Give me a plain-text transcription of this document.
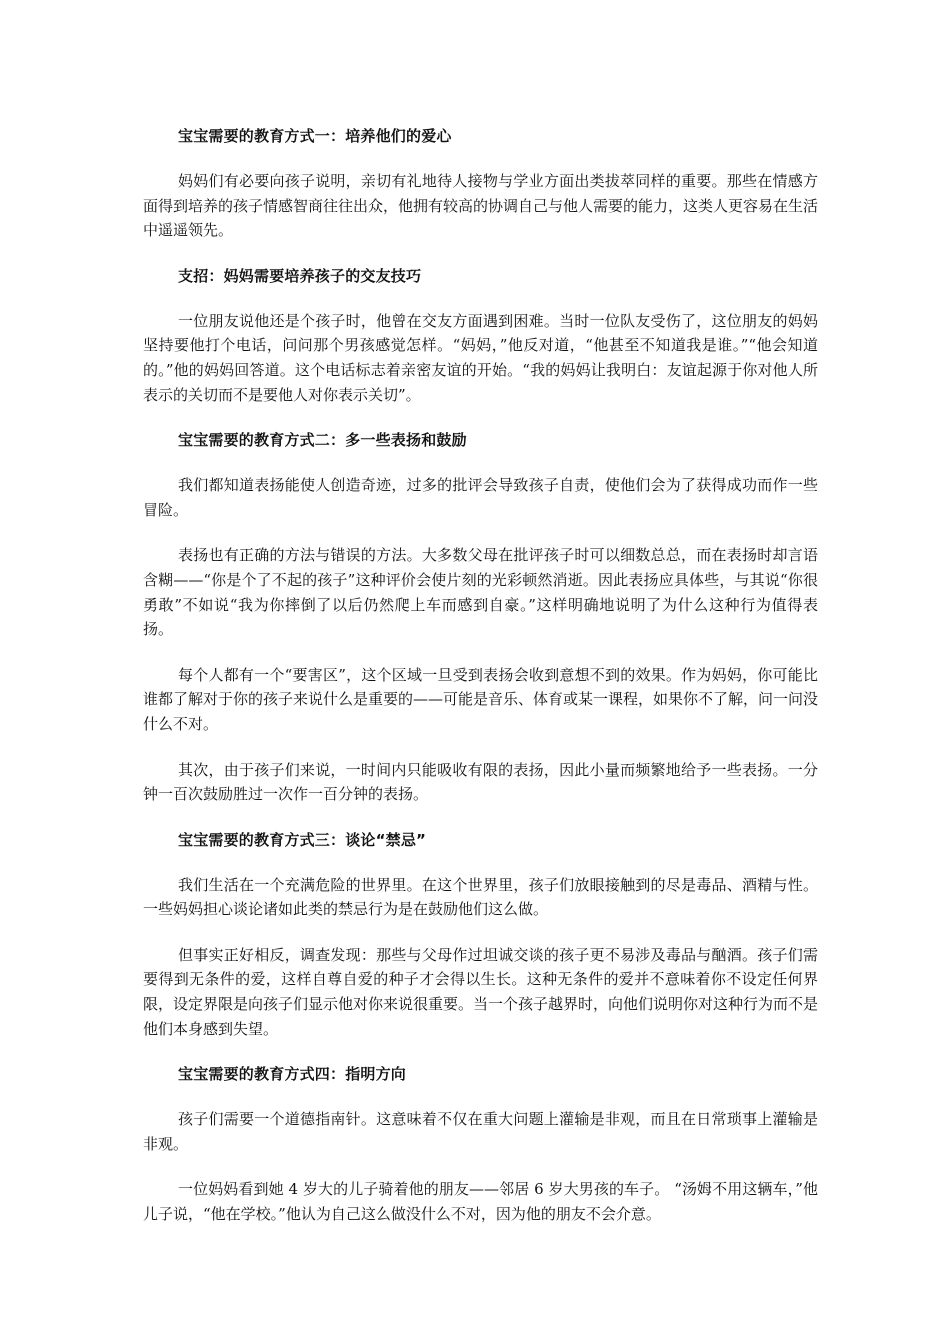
宝宝需要的教育方式一：培养他们的爱心
妈妈们有必要向孩子说明，亲切有礼地待人接物与学业方面出类拔萃同样的重要。那些在情感方面得到培养的孩子情感智商往往出众，他拥有较高的协调自己与他人需要的能力，这类人更容易在生活中遥遥领先。
支招：妈妈需要培养孩子的交友技巧
一位朋友说他还是个孩子时，他曾在交友方面遇到困难。当时一位队友受伤了，这位朋友的妈妈坚持要他打个电话，问问那个男孩感觉怎样。“妈妈，”他反对道，“他甚至不知道我是谁。”“他会知道的。”他的妈妈回答道。这个电话标志着亲密友谊的开始。“我的妈妈让我明白：友谊起源于你对他人所表示的关切而不是要他人对你表示关切”。
宝宝需要的教育方式二：多一些表扬和鼓励
我们都知道表扬能使人创造奇迹，过多的批评会导致孩子自责，使他们会为了获得成功而作一些冒险。
表扬也有正确的方法与错误的方法。大多数父母在批评孩子时可以细数总总，而在表扬时却言语含糊——“你是个了不起的孩子”这种评价会使片刻的光彩顿然消逝。因此表扬应具体些，与其说“你很勇敢”不如说“我为你摔倒了以后仍然爬上车而感到自豪。”这样明确地说明了为什么这种行为值得表扬。
每个人都有一个“要害区”，这个区域一旦受到表扬会收到意想不到的效果。作为妈妈，你可能比谁都了解对于你的孩子来说什么是重要的——可能是音乐、体育或某一课程，如果你不了解，问一问没什么不对。
其次，由于孩子们来说，一时间内只能吸收有限的表扬，因此小量而频繁地给予一些表扬。一分钟一百次鼓励胜过一次作一百分钟的表扬。
宝宝需要的教育方式三：谈论“禁忌”
我们生活在一个充满危险的世界里。在这个世界里，孩子们放眼接触到的尽是毒品、酒精与性。一些妈妈担心谈论诸如此类的禁忌行为是在鼓励他们这么做。
但事实正好相反，调查发现：那些与父母作过坦诚交谈的孩子更不易涉及毒品与酗酒。孩子们需要得到无条件的爱，这样自尊自爱的种子才会得以生长。这种无条件的爱并不意味着你不设定任何界限，设定界限是向孩子们显示他对你来说很重要。当一个孩子越界时，向他们说明你对这种行为而不是他们本身感到失望。
宝宝需要的教育方式四：指明方向
孩子们需要一个道德指南针。这意味着不仅在重大问题上灌输是非观，而且在日常琐事上灌输是非观。
一位妈妈看到她 4 岁大的儿子骑着他的朋友——邻居 6 岁大男孩的车子。 “汤姆不用这辆车，”他儿子说，“他在学校。”他认为自己这么做没什么不对，因为他的朋友不会介意。
